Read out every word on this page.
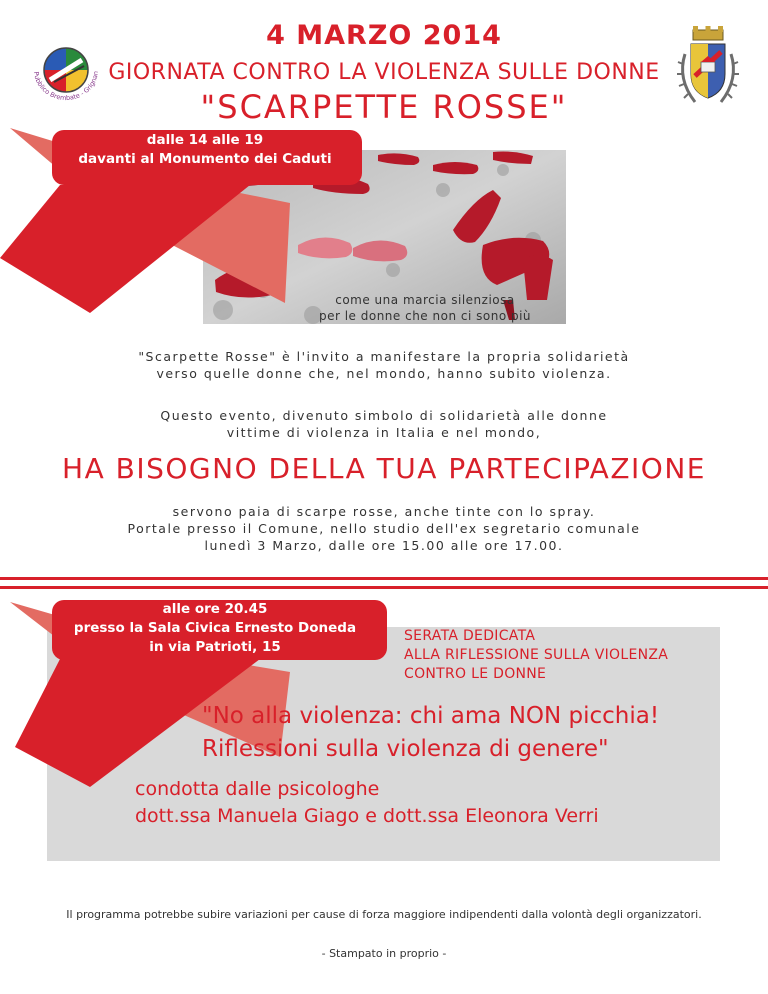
Pubblico Brembate - Grignan
4 MARZO 2014
GIORNATA CONTRO LA VIOLENZA SULLE DONNE
"SCARPETTE ROSSE"
dalle 14 alle 19
davanti al Monumento dei Caduti
come una marcia silenziosa
per le donne che non ci sono più
"Scarpette Rosse" è l'invito a manifestare la propria solidarietà
verso quelle donne che, nel mondo, hanno subito violenza.
Questo evento, divenuto simbolo di solidarietà alle donne
vittime di violenza in Italia e nel mondo,
HA BISOGNO DELLA TUA PARTECIPAZIONE
servono paia di scarpe rosse, anche tinte con lo spray.
Portale presso il Comune, nello studio dell'ex segretario comunale
lunedì 3 Marzo, dalle ore 15.00 alle ore 17.00.
alle ore 20.45
presso la Sala Civica Ernesto Doneda
in via Patrioti, 15
SERATA DEDICATA
ALLA RIFLESSIONE SULLA VIOLENZA
CONTRO LE DONNE
"No alla violenza: chi ama NON picchia!
Riflessioni sulla violenza di genere"
condotta dalle psicologhe
dott.ssa Manuela Giago e dott.ssa Eleonora Verri
Il programma potrebbe subire variazioni per cause di forza maggiore indipendenti dalla volontà degli organizzatori.
- Stampato in proprio -
